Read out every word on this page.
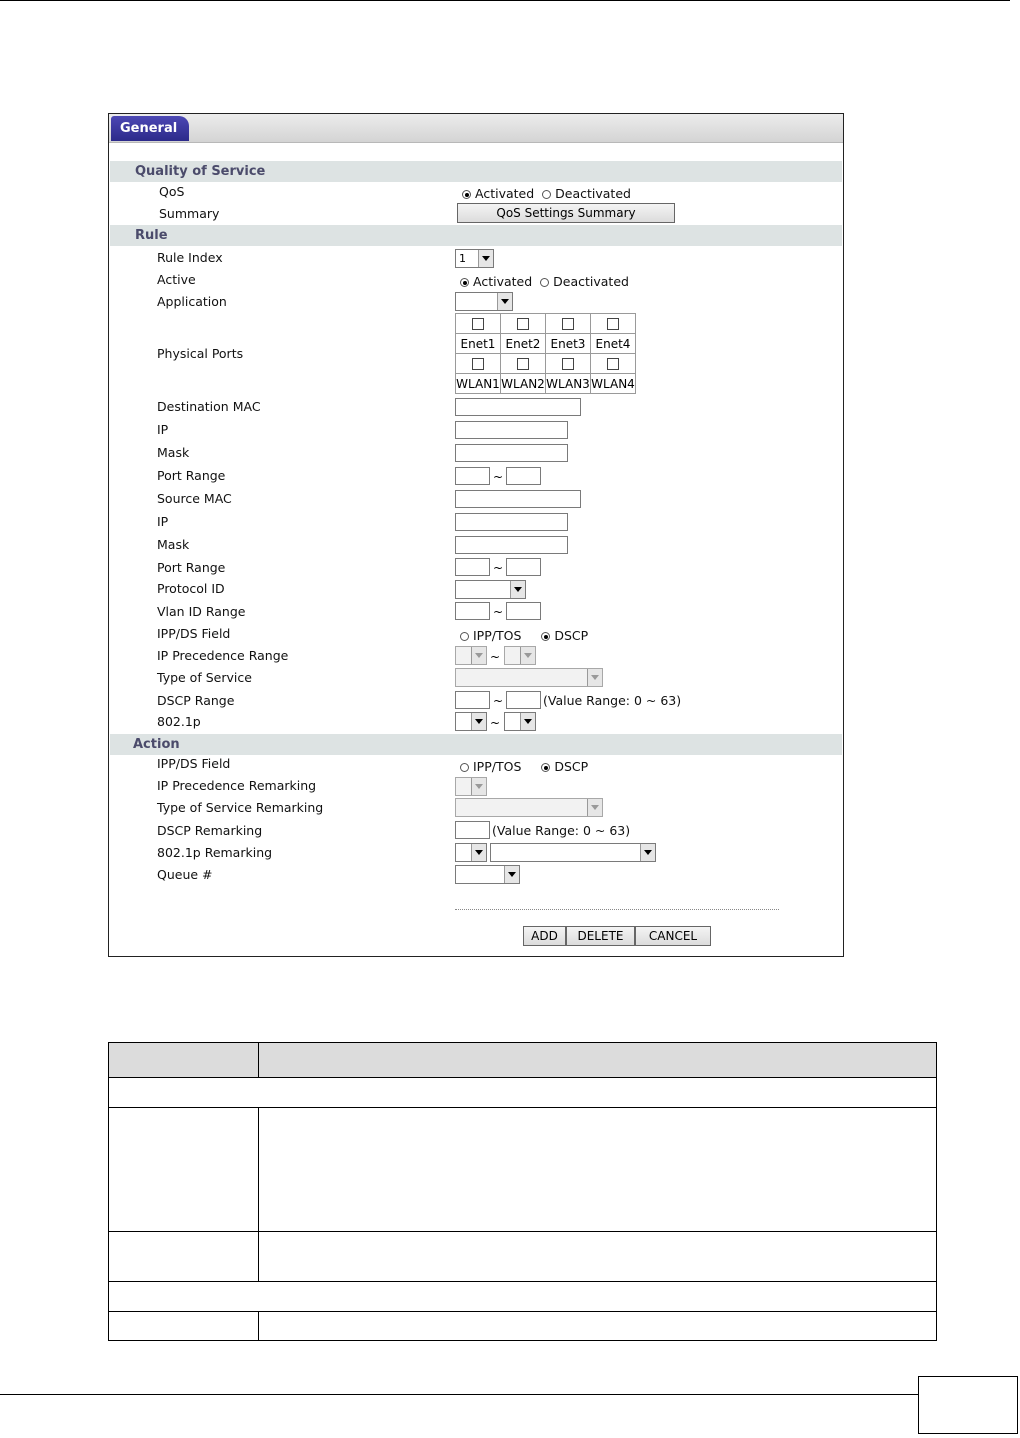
General
Quality of Service
QoS	Activated Deactivated
Summary	QoS Settings Summary
Rule
Rule Index	1
Active	Activated Deactivated
Application
Physical Ports

Enet1	Enet2	Enet3	Enet4

WLAN1	WLAN2	WLAN3	WLAN4
Destination MAC
IP
Mask
Port Range	~
Source MAC
IP
Mask
Port Range	~
Protocol ID
Vlan ID Range	~
IPP/DS Field	IPP/TOS	DSCP
IP Precedence Range	~
Type of Service
DSCP Range	~	(Value Range: 0 ~ 63)
802.1p	~
Action
IPP/DS Field	IPP/TOS	DSCP
IP Precedence Remarking
Type of Service Remarking
DSCP Remarking	(Value Range: 0 ~ 63)
802.1p Remarking
Queue #
ADD	DELETE	CANCEL
